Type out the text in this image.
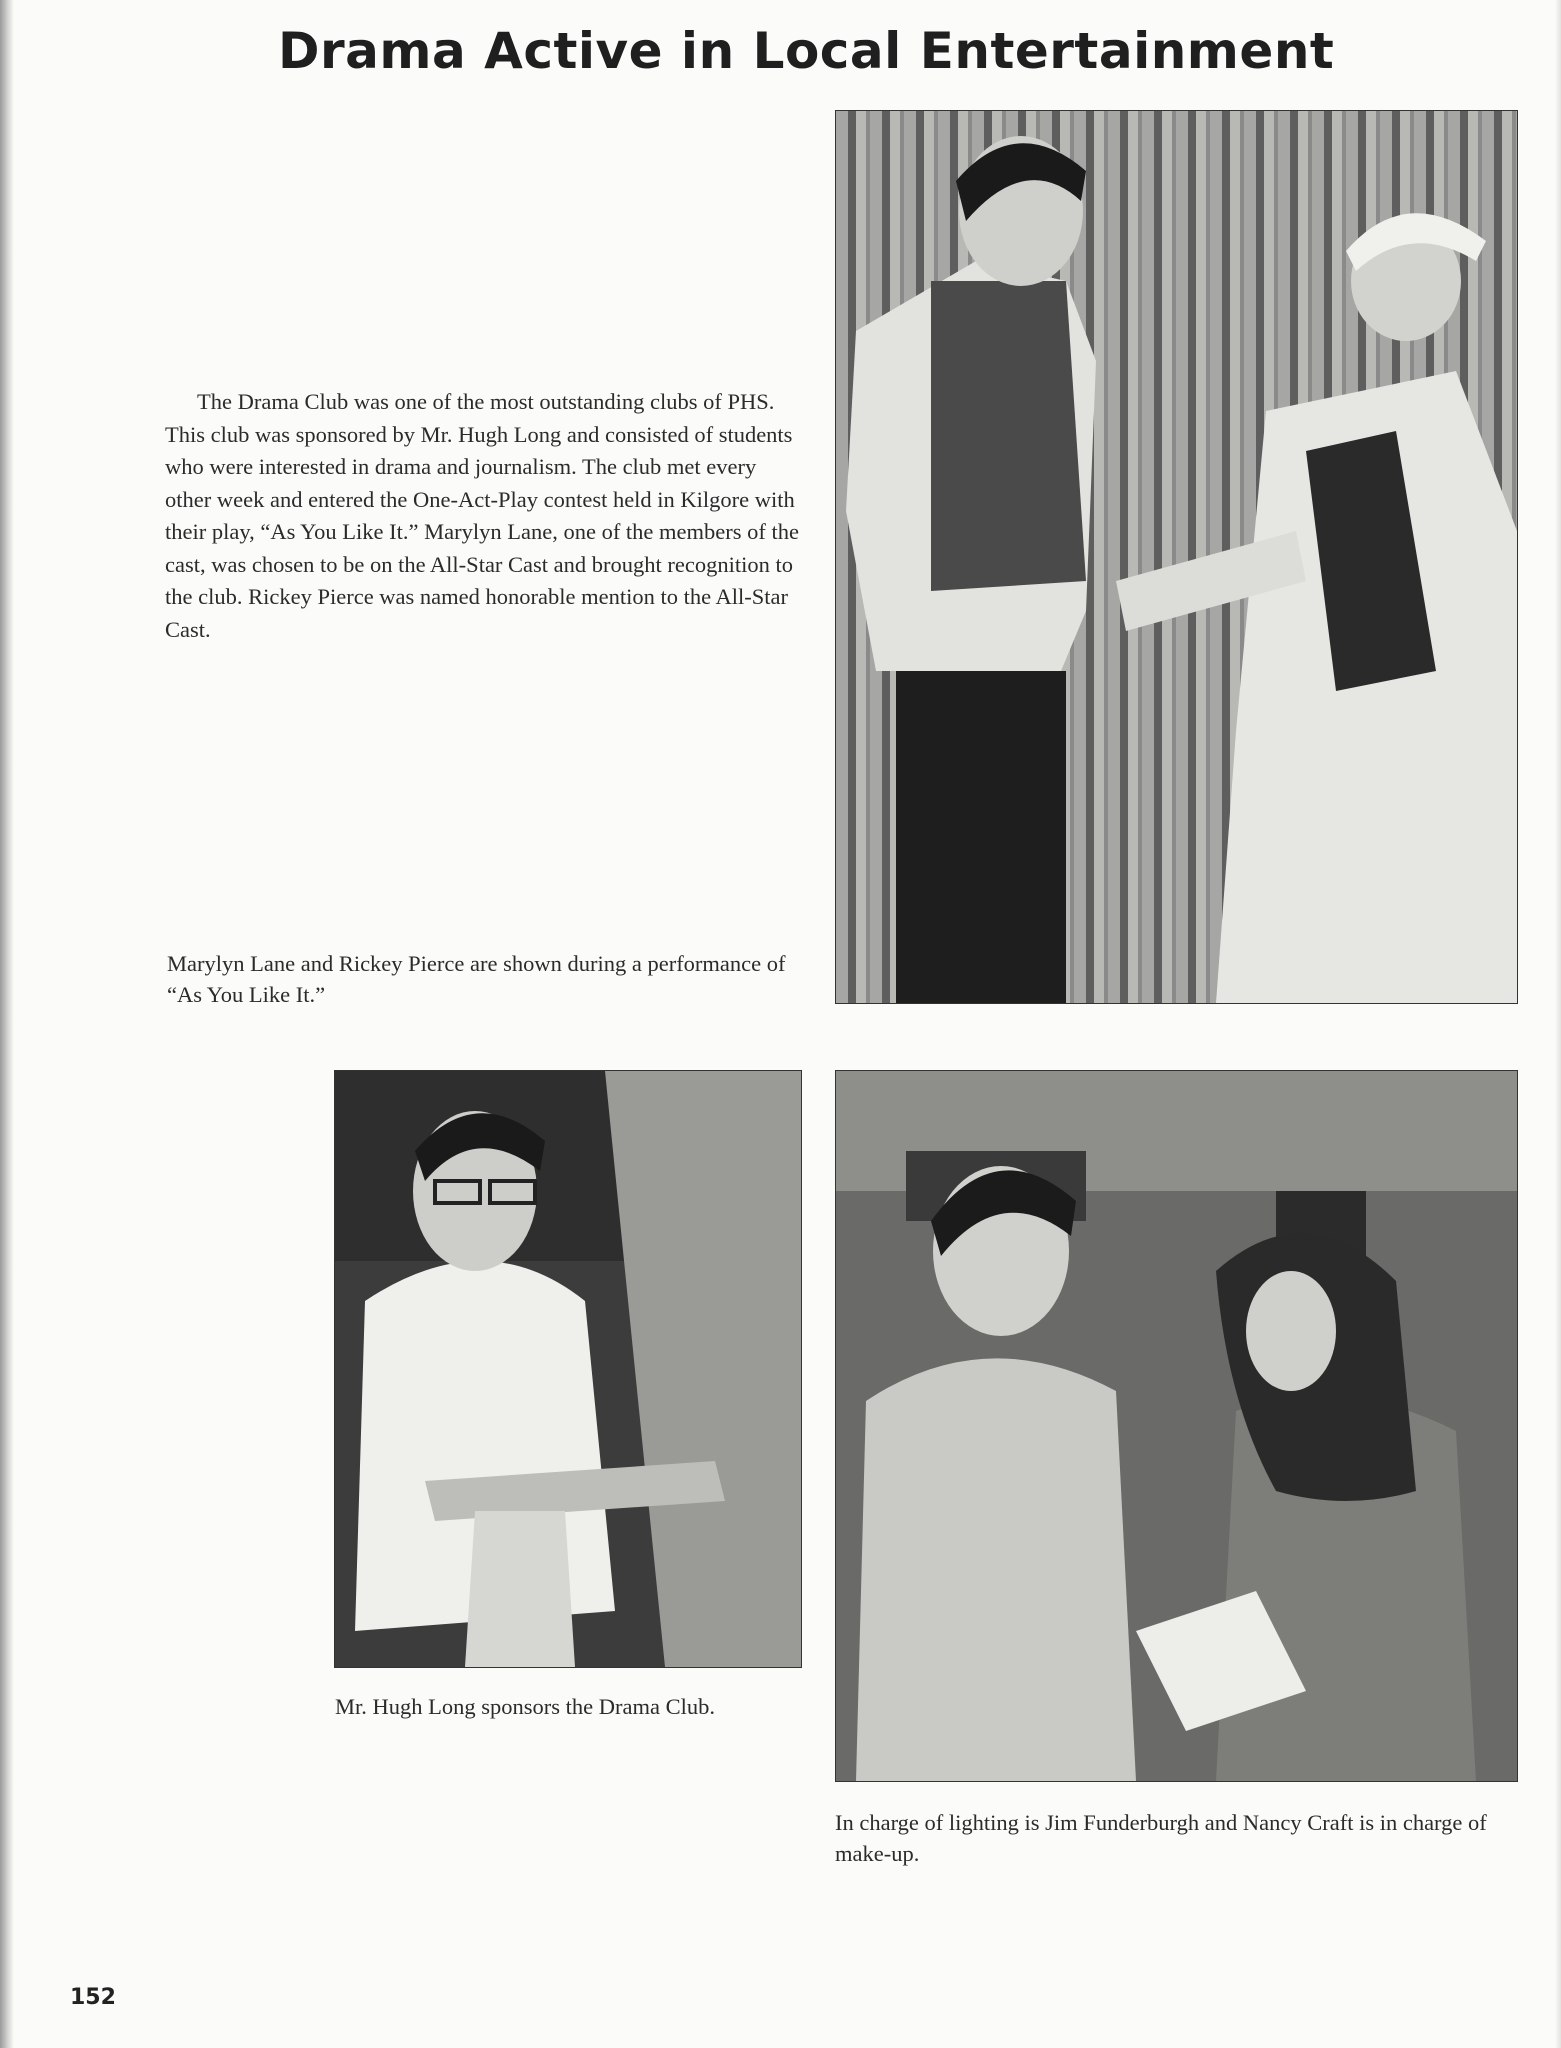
Drama Active in Local Entertainment

The Drama Club was one of the most outstanding clubs of PHS. This club was sponsored by Mr. Hugh Long and consisted of students who were interested in drama and journalism. The club met every other week and entered the One-Act-Play contest held in Kilgore with their play, “As You Like It.” Marylyn Lane, one of the members of the cast, was chosen to be on the All-Star Cast and brought recognition to the club. Rickey Pierce was named honorable mention to the All-Star Cast.

Marylyn Lane and Rickey Pierce are shown during a performance of “As You Like It.”

Mr. Hugh Long sponsors the Drama Club.

In charge of lighting is Jim Funderburgh and Nancy Craft is in charge of make-up.

152
